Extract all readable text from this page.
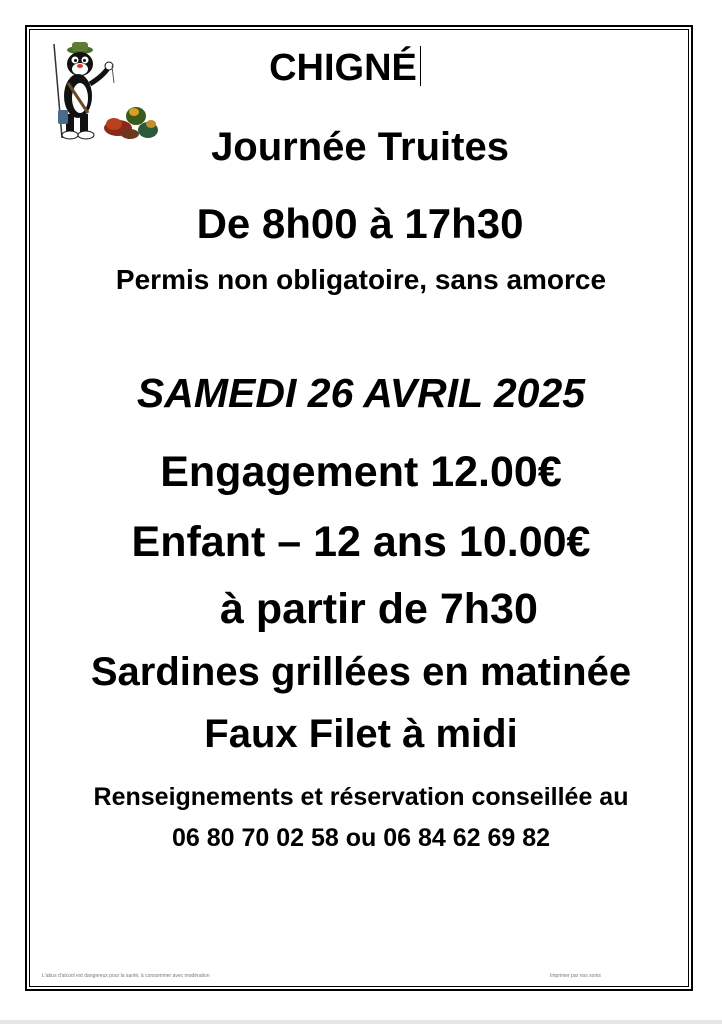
CHIGNÉ
Journée Truites
De 8h00 à 17h30
Permis non obligatoire, sans amorce
SAMEDI 26 AVRIL 2025
Engagement 12.00€
Enfant – 12 ans 10.00€
à partir de 7h30
Sardines grillées en matinée
Faux Filet à midi
Renseignements et réservation conseillée au
06 80 70 02 58 ou 06 84 62 69 82
L'abus d'alcool est dangereux pour la santé, à consommer avec modération	Imprimer par nos soins
